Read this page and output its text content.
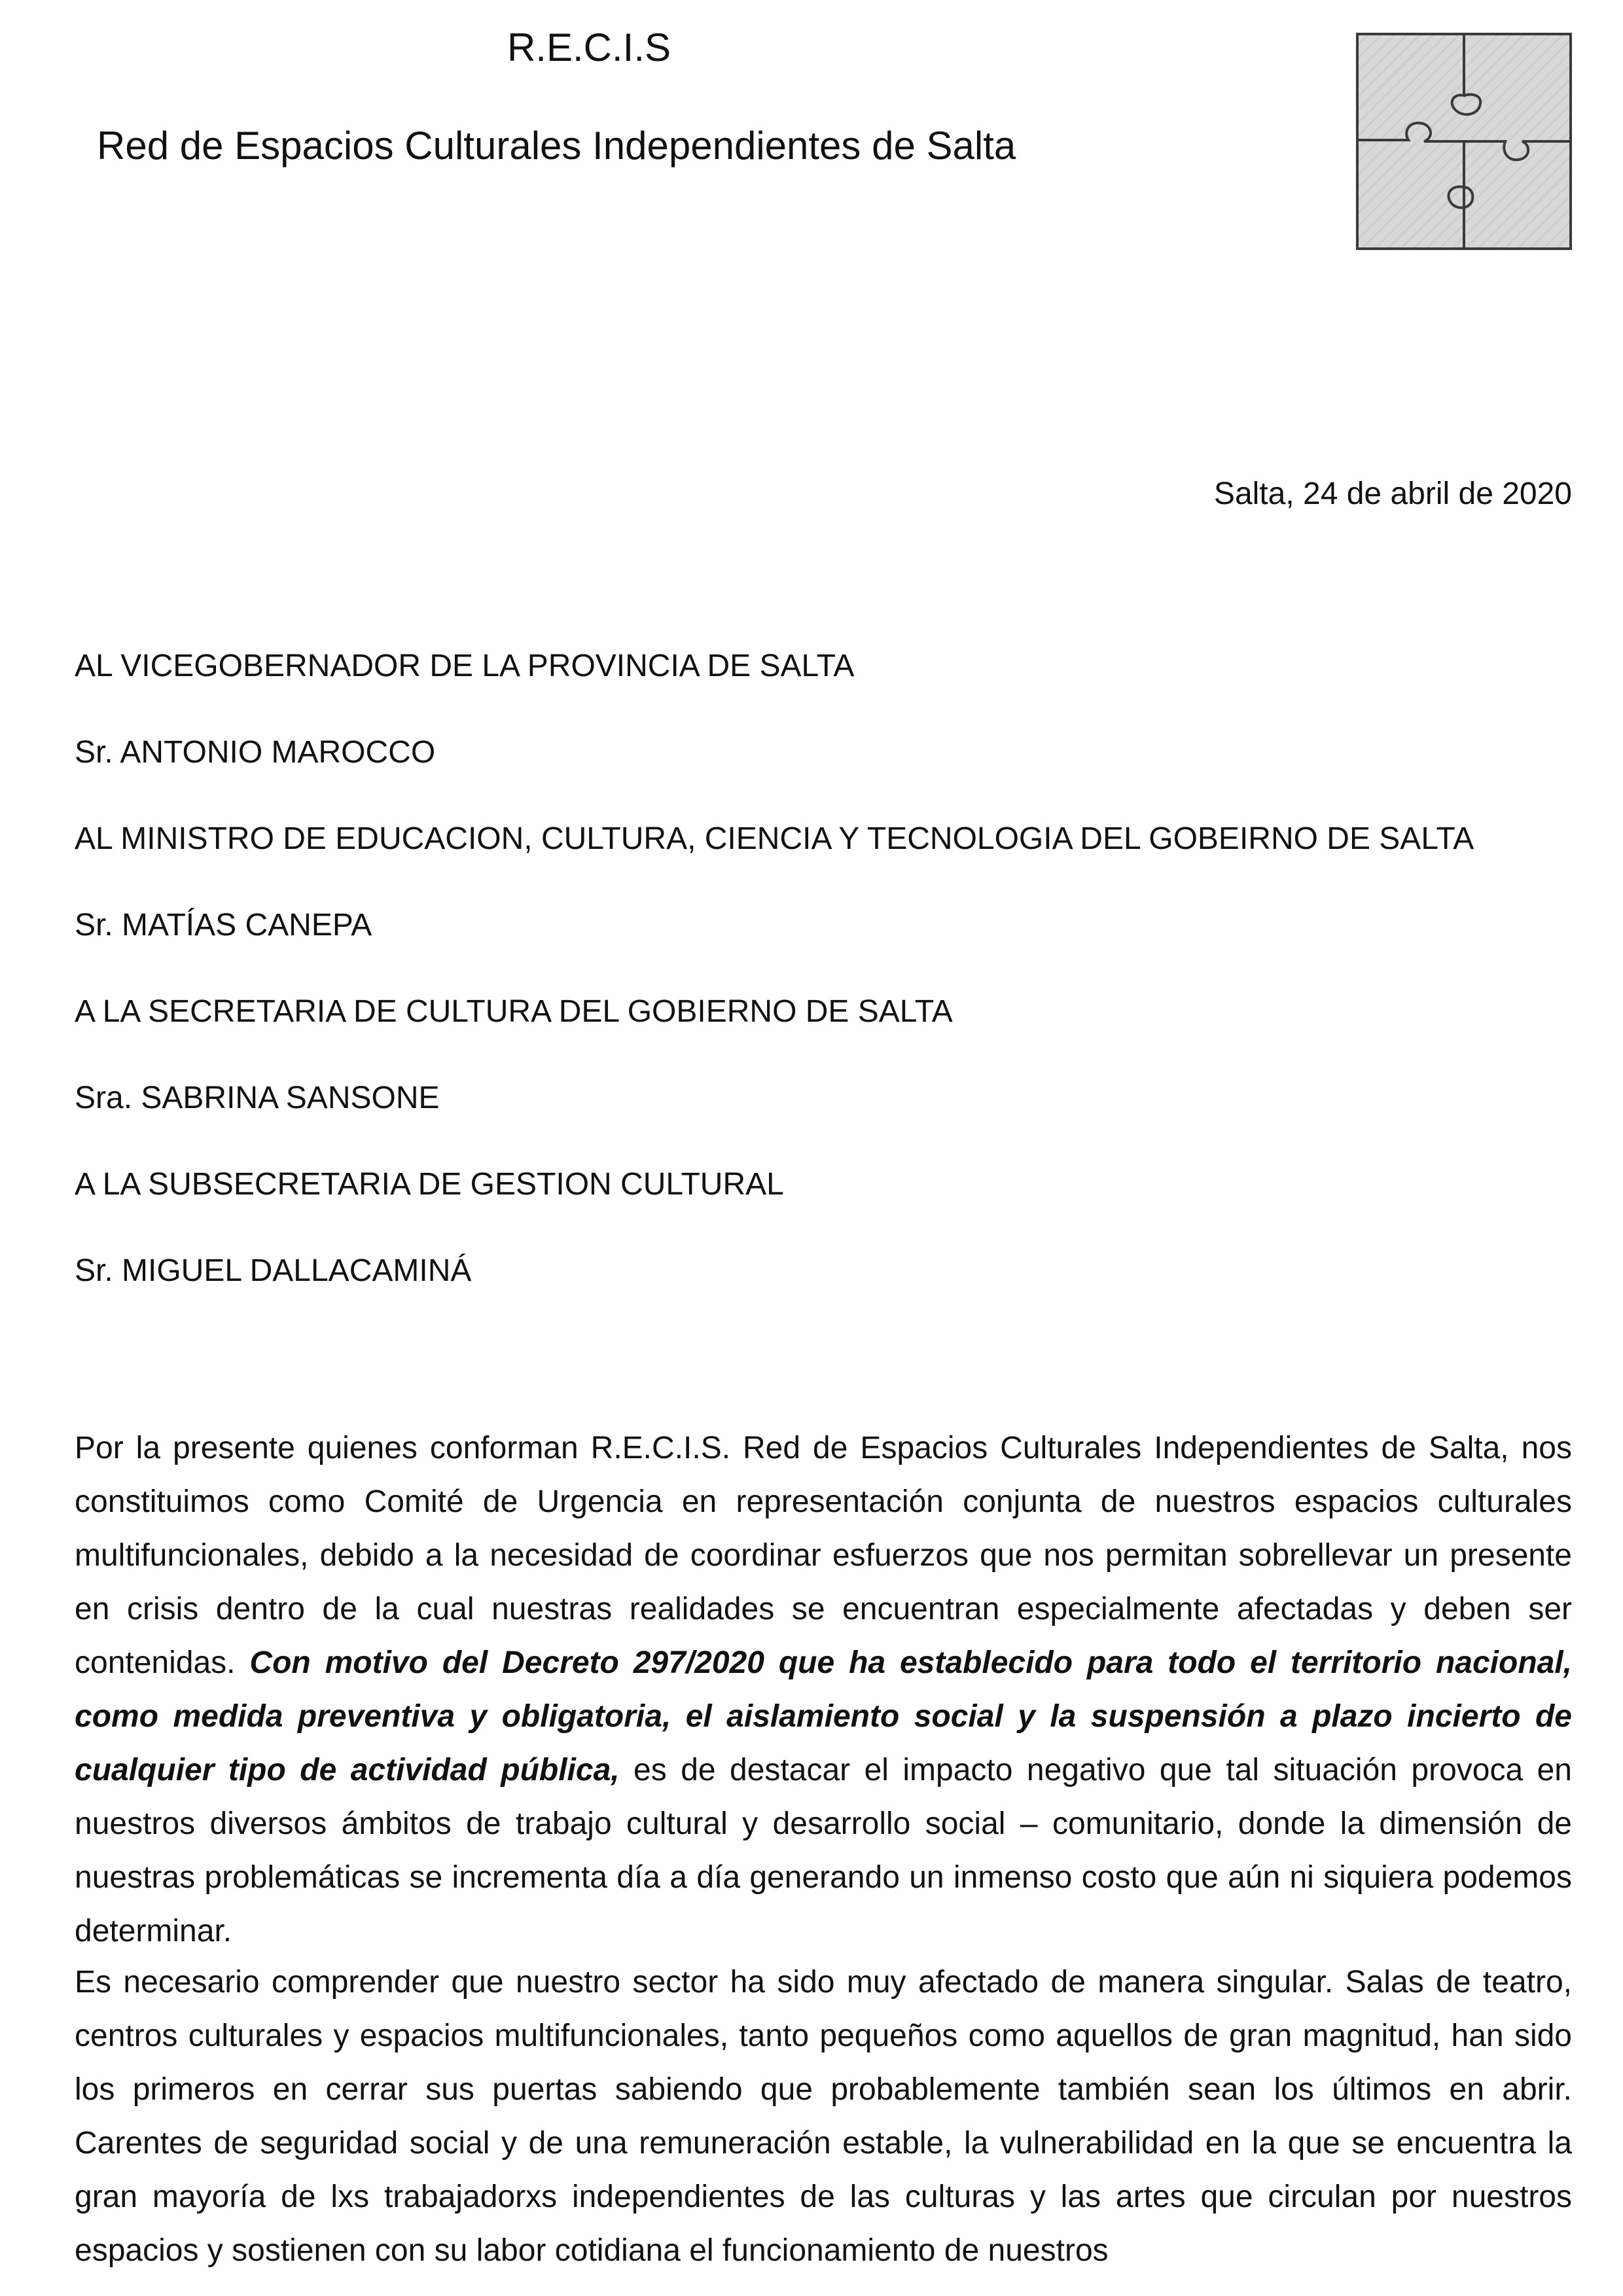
R.E.C.I.S
Red de Espacios Culturales Independientes de Salta
Salta, 24 de abril de 2020
AL VICEGOBERNADOR DE LA PROVINCIA DE SALTA
Sr. ANTONIO MAROCCO
AL MINISTRO DE EDUCACION, CULTURA, CIENCIA Y TECNOLOGIA DEL GOBEIRNO DE SALTA
Sr. MATÍAS CANEPA
A LA SECRETARIA DE CULTURA DEL GOBIERNO DE SALTA
Sra. SABRINA SANSONE
A LA SUBSECRETARIA DE GESTION CULTURAL
Sr. MIGUEL DALLACAMINÁ

Por la presente quienes conforman R.E.C.I.S. Red de Espacios Culturales Independientes de Salta, nos constituimos como Comité de Urgencia en representación conjunta de nuestros espacios culturales multifuncionales, debido a la necesidad de coordinar esfuerzos que nos permitan sobrellevar un presente en crisis dentro de la cual nuestras realidades se encuentran especialmente afectadas y deben ser contenidas. Con motivo del Decreto 297/2020 que ha establecido para todo el territorio nacional, como medida preventiva y obligatoria, el aislamiento social y la suspensión a plazo incierto de cualquier tipo de actividad pública, es de destacar el impacto negativo que tal situación provoca en nuestros diversos ámbitos de trabajo cultural y desarrollo social – comunitario, donde la dimensión de nuestras problemáticas se incrementa día a día generando un inmenso costo que aún ni siquiera podemos determinar.

Es necesario comprender que nuestro sector ha sido muy afectado de manera singular. Salas de teatro, centros culturales y espacios multifuncionales, tanto pequeños como aquellos de gran magnitud, han sido los primeros en cerrar sus puertas sabiendo que probablemente también sean los últimos en abrir. Carentes de seguridad social y de una remuneración estable, la vulnerabilidad en la que se encuentra la gran mayoría de lxs trabajadorxs independientes de las culturas y las artes que circulan por nuestros espacios y sostienen con su labor cotidiana el funcionamiento de nuestros
